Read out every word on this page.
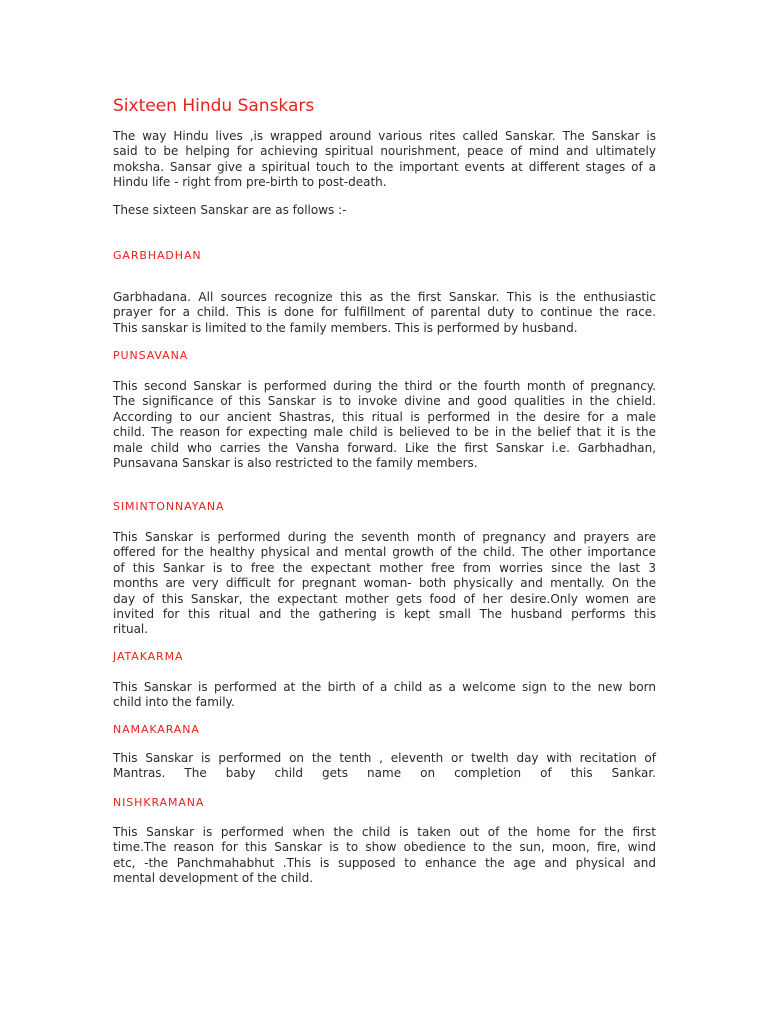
Sixteen Hindu Sanskars

The way Hindu lives ,is wrapped around various rites called Sanskar. The Sanskar is
said to be helping for achieving spiritual nourishment, peace of mind and ultimately
moksha. Sansar give a spiritual touch to the important events at different stages of a
Hindu life - right from pre-birth to post-death.

These sixteen Sanskar are as follows :-

GARBHADHAN

Garbhadana. All sources recognize this as the first Sanskar. This is the enthusiastic
prayer for a child. This is done for fulfillment of parental duty to continue the race.
This sanskar is limited to the family members. This is performed by husband.

PUNSAVANA

This second Sanskar is performed during the third or the fourth month of pregnancy.
The significance of this Sanskar is to invoke divine and good qualities in the chield.
According to our ancient Shastras, this ritual is performed in the desire for a male
child. The reason for expecting male child is believed to be in the belief that it is the
male child who carries the Vansha forward. Like the first Sanskar i.e. Garbhadhan,
Punsavana Sanskar is also restricted to the family members.

SIMINTONNAYANA

This Sanskar is performed during the seventh month of pregnancy and prayers are
offered for the healthy physical and mental growth of the child. The other importance
of this Sankar is to free the expectant mother free from worries since the last 3
months are very difficult for pregnant woman- both physically and mentally. On the
day of this Sanskar, the expectant mother gets food of her desire.Only women are
invited for this ritual and the gathering is kept small The husband performs this
ritual.

JATAKARMA

This Sanskar is performed at the birth of a child as a welcome sign to the new born
child into the family.

NAMAKARANA

This Sanskar is performed on the tenth , eleventh or twelth day with recitation of
Mantras. The baby child gets name on completion of this Sankar.

NISHKRAMANA

This Sanskar is performed when the child is taken out of the home for the first
time.The reason for this Sanskar is to show obedience to the sun, moon, fire, wind
etc, -the Panchmahabhut .This is supposed to enhance the age and physical and
mental development of the child.
